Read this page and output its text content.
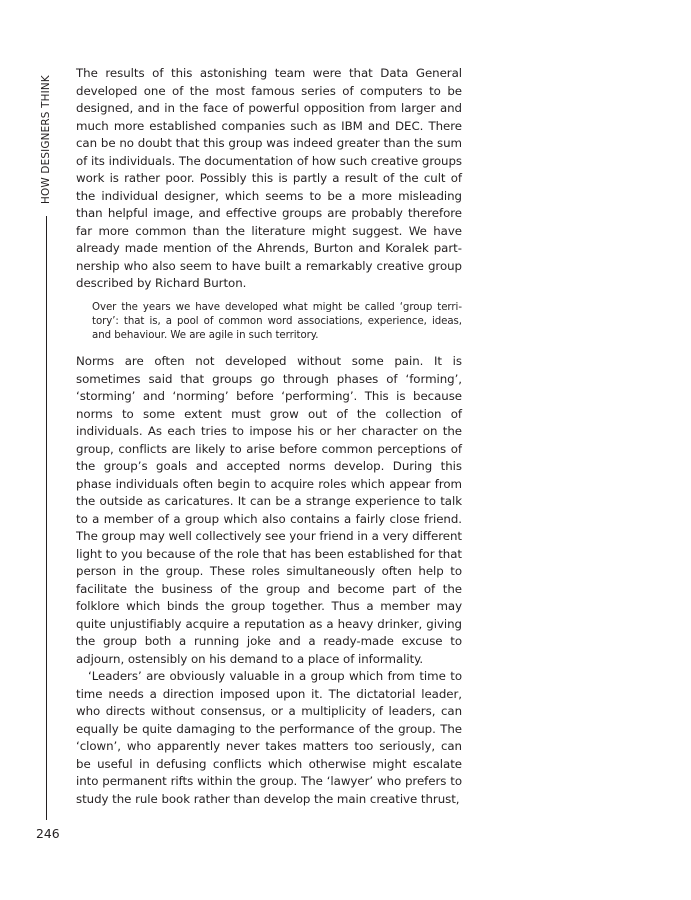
HOW DESIGNERS THINK
246

The results of this astonishing team were that Data General developed one of the most famous series of computers to be designed, and in the face of powerful opposition from larger and much more established companies such as IBM and DEC. There can be no doubt that this group was indeed greater than the sum of its individuals. The documentation of how such creative groups work is rather poor. Possibly this is partly a result of the cult of the individual designer, which seems to be a more misleading than helpful image, and effective groups are probably therefore far more common than the literature might suggest. We have already made mention of the Ahrends, Burton and Koralek partnership who also seem to have built a remarkably creative group described by Richard Burton.

Over the years we have developed what might be called ‘group territory’: that is, a pool of common word associations, experience, ideas, and behaviour. We are agile in such territory.

Norms are often not developed without some pain. It is sometimes said that groups go through phases of ‘forming’, ‘storming’ and ‘norming’ before ‘performing’. This is because norms to some extent must grow out of the collection of individuals. As each tries to impose his or her character on the group, conflicts are likely to arise before common perceptions of the group’s goals and accepted norms develop. During this phase individuals often begin to acquire roles which appear from the outside as caricatures. It can be a strange experience to talk to a member of a group which also contains a fairly close friend. The group may well collectively see your friend in a very different light to you because of the role that has been established for that person in the group. These roles simultaneously often help to facilitate the business of the group and become part of the folklore which binds the group together. Thus a member may quite unjustifiably acquire a reputation as a heavy drinker, giving the group both a running joke and a ready-made excuse to adjourn, ostensibly on his demand to a place of informality.

‘Leaders’ are obviously valuable in a group which from time to time needs a direction imposed upon it. The dictatorial leader, who directs without consensus, or a multiplicity of leaders, can equally be quite damaging to the performance of the group. The ‘clown’, who apparently never takes matters too seriously, can be useful in defusing conflicts which otherwise might escalate into permanent rifts within the group. The ‘lawyer’ who prefers to study the rule book rather than develop the main creative thrust,
